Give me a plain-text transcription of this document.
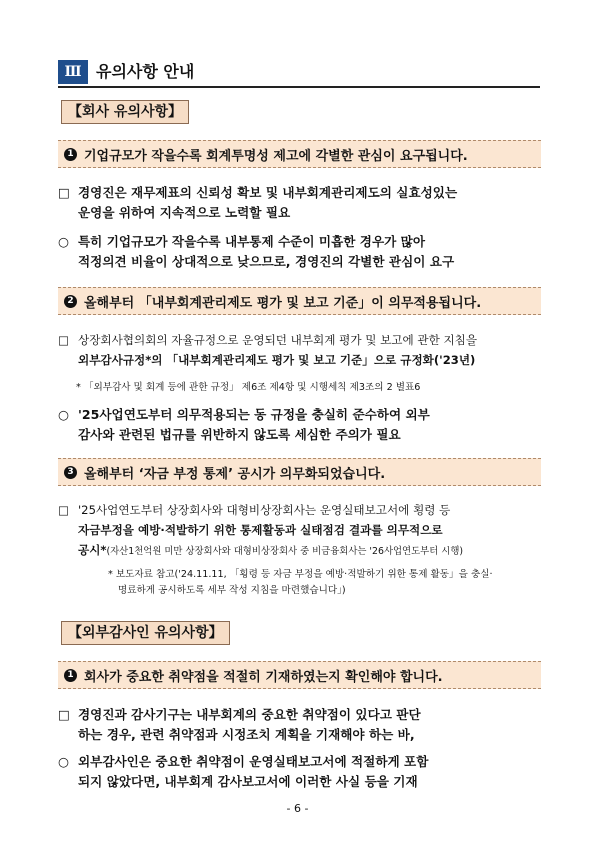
Ⅲ 유의사항 안내
【회사 유의사항】
1 기업규모가 작을수록 회계투명성 제고에 각별한 관심이 요구됩니다.
□ 경영진은 재무제표의 신뢰성 확보 및 내부회계관리제도의 실효성있는
운영을 위하여 지속적으로 노력할 필요
○ 특히 기업규모가 작을수록 내부통제 수준이 미흡한 경우가 많아
적정의견 비율이 상대적으로 낮으므로, 경영진의 각별한 관심이 요구
2 올해부터 「내부회계관리제도 평가 및 보고 기준」이 의무적용됩니다.
□ 상장회사협의회의 자율규정으로 운영되던 내부회계 평가 및 보고에 관한 지침을
외부감사규정*의 「내부회계관리제도 평가 및 보고 기준」으로 규정화('23년)
* 「외부감사 및 회계 등에 관한 규정」 제6조 제4항 및 시행세칙 제3조의 2 별표6
○ '25사업연도부터 의무적용되는 동 규정을 충실히 준수하여 외부
감사와 관련된 법규를 위반하지 않도록 세심한 주의가 필요
3 올해부터 ‘자금 부정 통제’ 공시가 의무화되었습니다.
□ '25사업연도부터 상장회사와 대형비상장회사는 운영실태보고서에 횡령 등
자금부정을 예방·적발하기 위한 통제활동과 실태점검 결과를 의무적으로
공시*(자산1천억원 미만 상장회사와 대형비상장회사 중 비금융회사는 '26사업연도부터 시행)
* 보도자료 참고('24.11.11, 「횡령 등 자금 부정을 예방·적발하기 위한 통제 활동」을 충실·
명료하게 공시하도록 세부 작성 지침을 마련했습니다」)
【외부감사인 유의사항】
1 회사가 중요한 취약점을 적절히 기재하였는지 확인해야 합니다.
□ 경영진과 감사기구는 내부회계의 중요한 취약점이 있다고 판단
하는 경우, 관련 취약점과 시정조치 계획을 기재해야 하는 바,
○ 외부감사인은 중요한 취약점이 운영실태보고서에 적절하게 포함
되지 않았다면, 내부회계 감사보고서에 이러한 사실 등을 기재
- 6 -
